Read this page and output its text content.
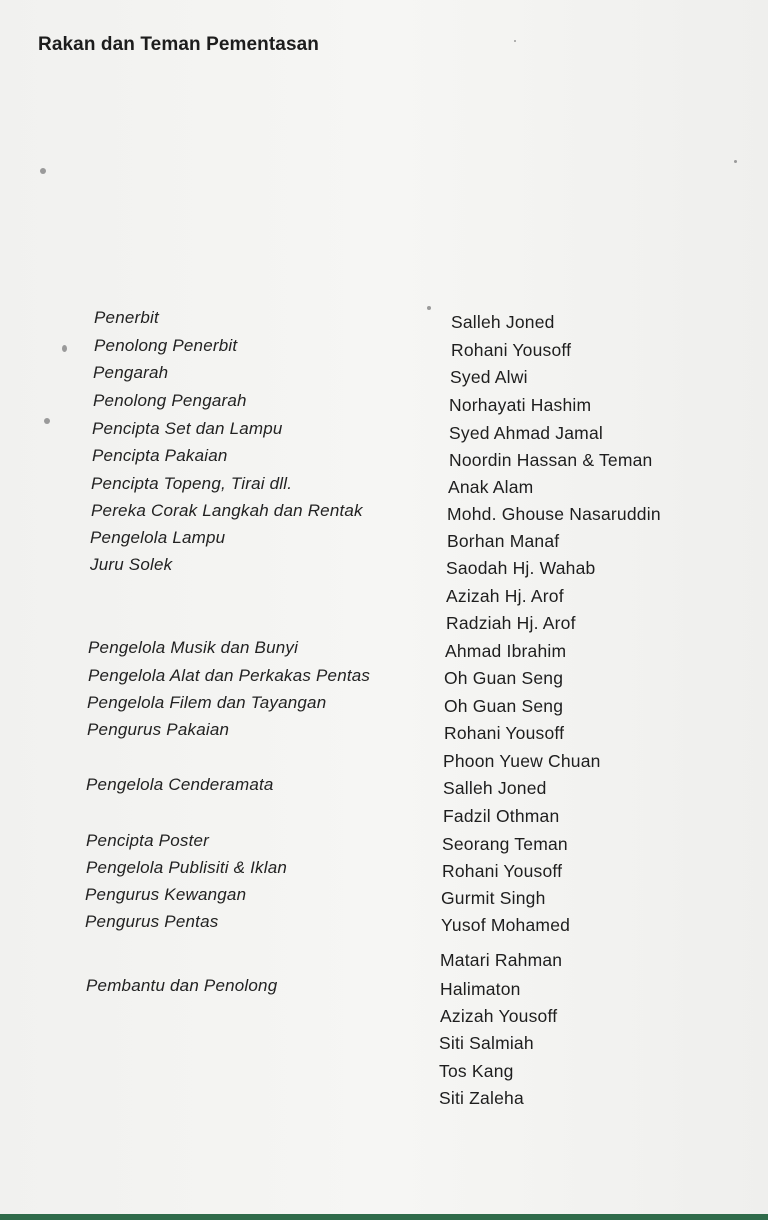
Rakan dan Teman Pementasan
Penerbit
Penolong Penerbit
Pengarah
Penolong Pengarah
Pencipta Set dan Lampu
Pencipta Pakaian
Pencipta Topeng, Tirai dll.
Pereka Corak Langkah dan Rentak
Pengelola Lampu
Juru Solek
Pengelola Musik dan Bunyi
Pengelola Alat dan Perkakas Pentas
Pengelola Filem dan Tayangan
Pengurus Pakaian
Pengelola Cenderamata
Pencipta Poster
Pengelola Publisiti & Iklan
Pengurus Kewangan
Pengurus Pentas
Pembantu dan Penolong
Salleh Joned
Rohani Yousoff
Syed Alwi
Norhayati Hashim
Syed Ahmad Jamal
Noordin Hassan & Teman
Anak Alam
Mohd. Ghouse Nasaruddin
Borhan Manaf
Saodah Hj. Wahab
Azizah Hj. Arof
Radziah Hj. Arof
Ahmad Ibrahim
Oh Guan Seng
Oh Guan Seng
Rohani Yousoff
Phoon Yuew Chuan
Salleh Joned
Fadzil Othman
Seorang Teman
Rohani Yousoff
Gurmit Singh
Yusof Mohamed
Matari Rahman
Halimaton
Azizah Yousoff
Siti Salmiah
Tos Kang
Siti Zaleha
